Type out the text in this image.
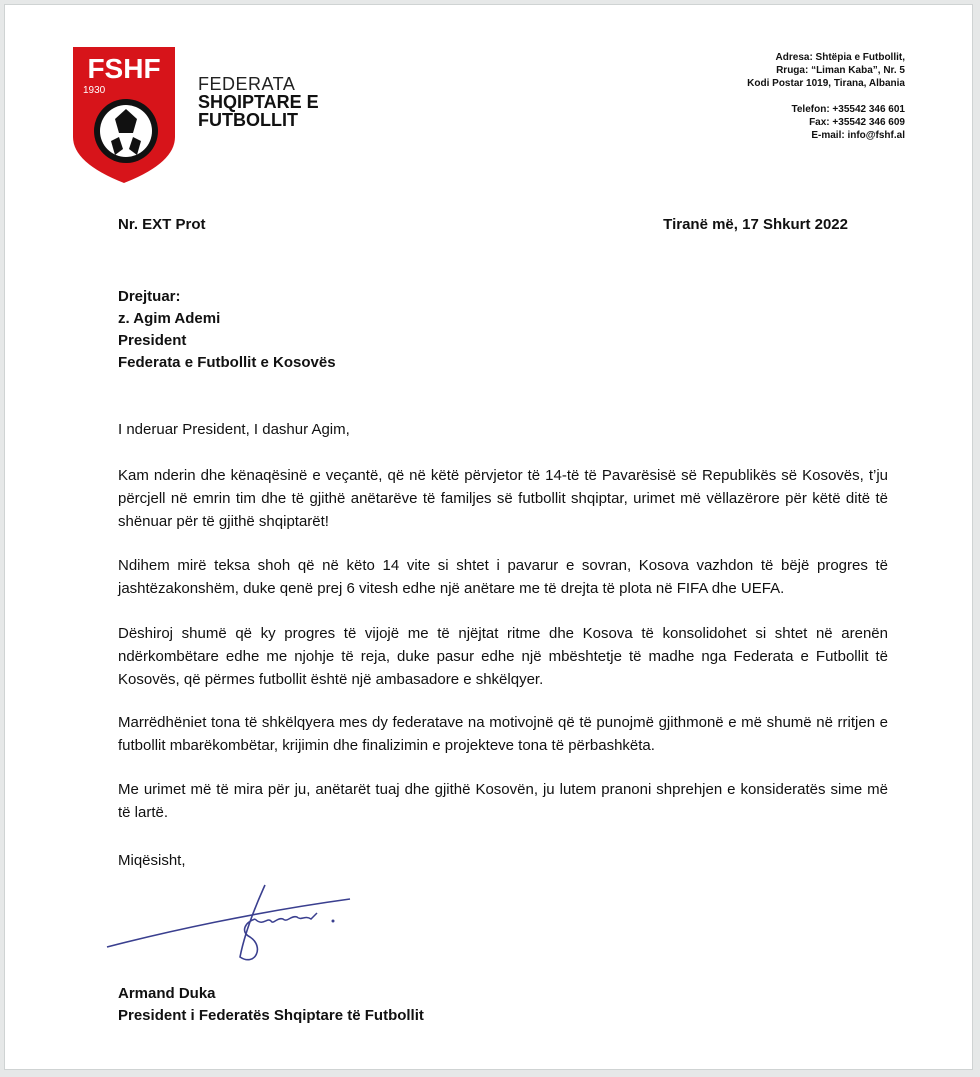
FSHF
1930	FEDERATA
SHQIPTARE E
FUTBOLLIT
Adresa: Shtëpia e Futbollit,
Rruga: “Liman Kaba”, Nr. 5
Kodi Postar 1019, Tirana, Albania
Telefon: +35542 346 601
Fax: +35542 346 609
E-mail: info@fshf.al
Nr. EXT Prot	Tiranë më, 17 Shkurt 2022
Drejtuar:
z. Agim Ademi
President
Federata e Futbollit e Kosovës
I nderuar President, I dashur Agim,
Kam nderin dhe kënaqësinë e veçantë, që në këtë përvjetor të 14-të të Pavarësisë së Republikës së Kosovës, t’ju përcjell në emrin tim dhe të gjithë anëtarëve të familjes së futbollit shqiptar, urimet më vëllazërore për këtë ditë të shënuar për të gjithë shqiptarët!
Ndihem mirë teksa shoh që në këto 14 vite si shtet i pavarur e sovran, Kosova vazhdon të bëjë progres të jashtëzakonshëm, duke qenë prej 6 vitesh edhe një anëtare me të drejta të plota në FIFA dhe UEFA.
Dëshiroj shumë që ky progres të vijojë me të njëjtat ritme dhe Kosova të konsolidohet si shtet në arenën ndërkombëtare edhe me njohje të reja, duke pasur edhe një mbështetje të madhe nga Federata e Futbollit të Kosovës, që përmes futbollit është një ambasadore e shkëlqyer.
Marrëdhëniet tona të shkëlqyera mes dy federatave na motivojnë që të punojmë gjithmonë e më shumë në rritjen e futbollit mbarëkombëtar, krijimin dhe finalizimin e projekteve tona të përbashkëta.
Me urimet më të mira për ju, anëtarët tuaj dhe gjithë Kosovën, ju lutem pranoni shprehjen e konsideratës sime më të lartë.
Miqësisht,
Armand Duka
President i Federatës Shqiptare të Futbollit
